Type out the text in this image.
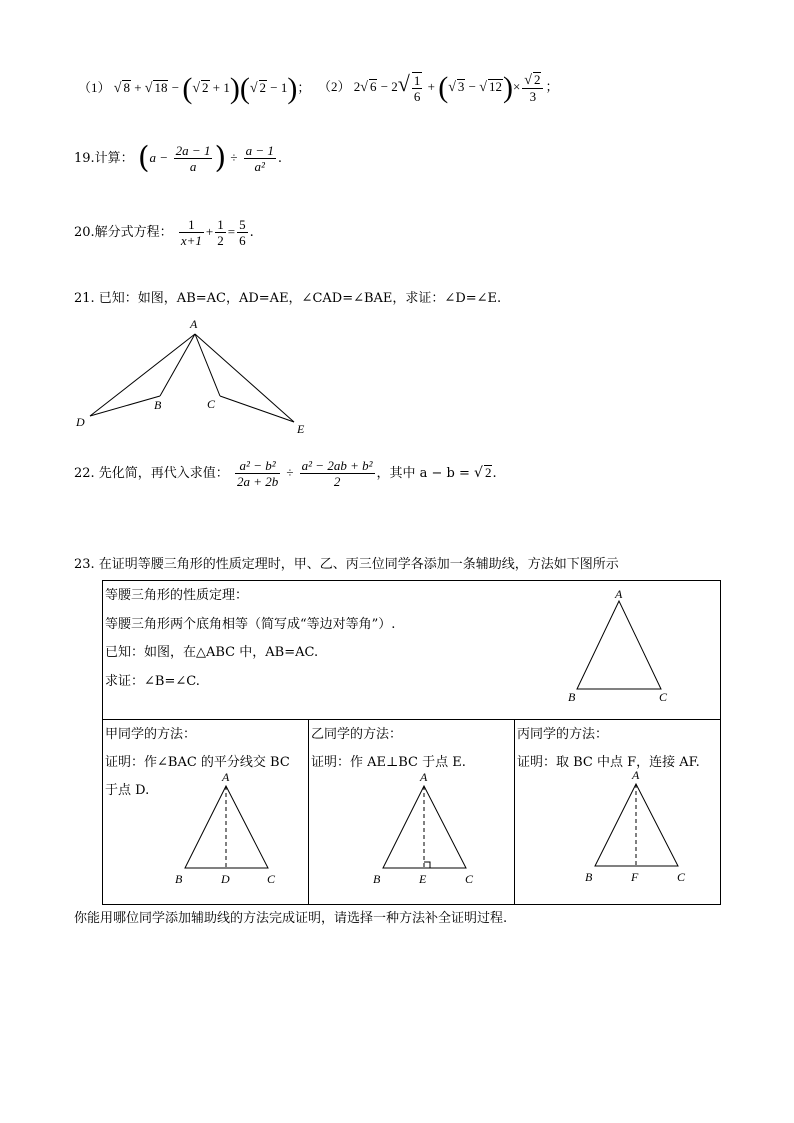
（1） √ 8 + √ 18 − (√ 2 + 1)(√ 2 − 1)； （2） 2√ $6 - 2√ \frac{1}{6}$ + (√ 3 − √ $12)\times \frac{√ 2}{3}$ ；
19.计算： ($a - \frac{2a - 1}{a}$ ) ÷ $\frac{a - 1}{\text{a²}}$ .
20.解分式方程： $\frac{1}{x+1} + \frac{1}{2} = \frac{5}{6}$ .
21. 已知：如图，AB=AC，AD=AE，∠CAD=∠BAE，求证：∠D=∠E.
A
B	C
D	E
22. 先化简，再代入求值： $\frac{\text{a² − b²}}{2a + 2b} \div \frac{\text{a² − 2ab + b²}}{2}$ ，其中 a − b = √ 2.
23. 在证明等腰三角形的性质定理时，甲、乙、丙三位同学各添加一条辅助线，方法如下图所示
等腰三角形的性质定理：
等腰三角形两个底角相等（简写成“等边对等角”）.
已知：如图，在△ABC 中，AB=AC.
求证：∠B=∠C.
A
B	C

甲同学的方法：
证明：作∠BAC 的平分线交 BC
于点 D.
A
B	D	C

乙同学的方法：
证明：作 AE⊥BC 于点 E.
A
B	E	C

丙同学的方法：
证明：取 BC 中点 F，连接 AF.
A
B	F	C
你能用哪位同学添加辅助线的方法完成证明，请选择一种方法补全证明过程.
